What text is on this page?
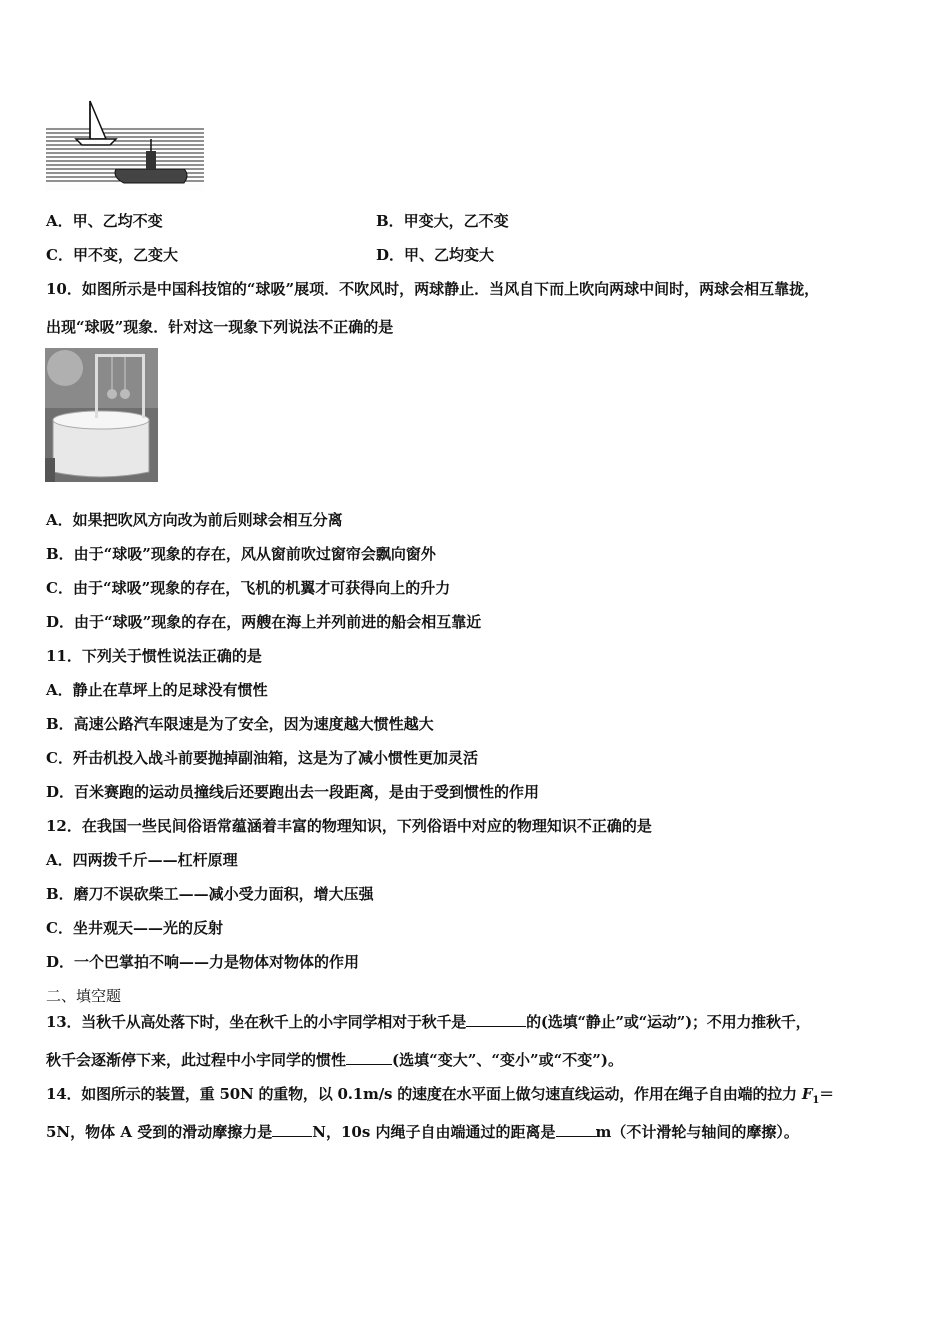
A．甲、乙均不变	B．甲变大，乙不变
C．甲不变，乙变大	D．甲、乙均变大
10．如图所示是中国科技馆的“球吸”展项．不吹风时，两球静止．当风自下而上吹向两球中间时，两球会相互靠拢，
出现“球吸”现象．针对这一现象下列说法不正确的是
A．如果把吹风方向改为前后则球会相互分离
B．由于“球吸”现象的存在，风从窗前吹过窗帘会飘向窗外
C．由于“球吸”现象的存在，飞机的机翼才可获得向上的升力
D．由于“球吸”现象的存在，两艘在海上并列前进的船会相互靠近
11．下列关于惯性说法正确的是
A．静止在草坪上的足球没有惯性
B．高速公路汽车限速是为了安全，因为速度越大惯性越大
C．歼击机投入战斗前要抛掉副油箱，这是为了减小惯性更加灵活
D．百米赛跑的运动员撞线后还要跑出去一段距离，是由于受到惯性的作用
12．在我国一些民间俗语常蕴涵着丰富的物理知识，下列俗语中对应的物理知识不正确的是
A．四两拨千斤——杠杆原理
B．磨刀不误砍柴工——减小受力面积，增大压强
C．坐井观天——光的反射
D．一个巴掌拍不响——力是物体对物体的作用
二、填空题
13．当秋千从高处落下时，坐在秋千上的小宇同学相对于秋千是	的(选填“静止”或“运动”)；不用力推秋千，
秋千会逐渐停下来，此过程中小宇同学的惯性	(选填“变大”、“变小”或“不变”)。
14．如图所示的装置，重 50N 的重物，以 0.1m/s 的速度在水平面上做匀速直线运动，作用在绳子自由端的拉力 $F_1=$
5N，物体 A 受到的滑动摩擦力是	N，10s 内绳子自由端通过的距离是	m（不计滑轮与轴间的摩擦）。
